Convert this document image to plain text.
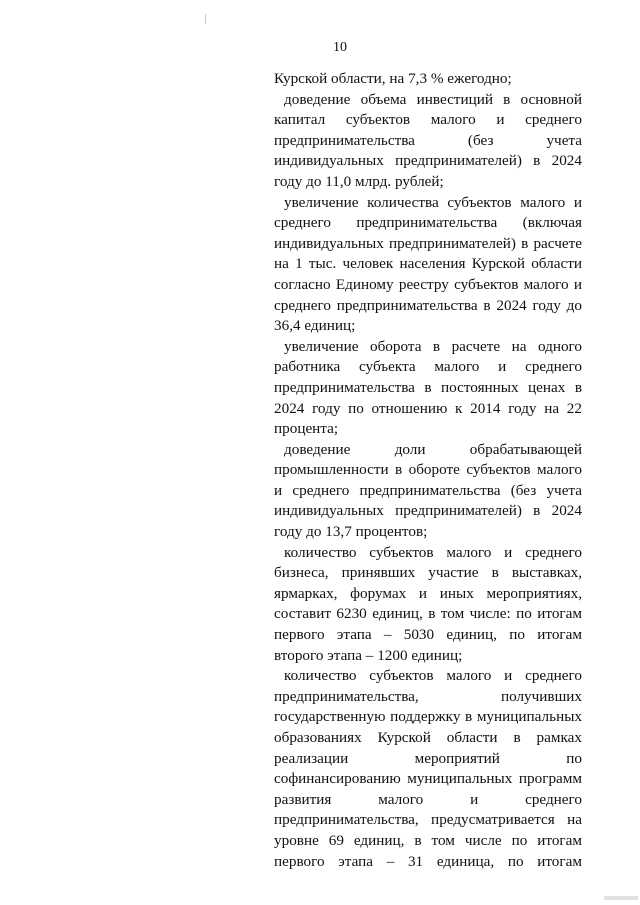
10

Курской области, на 7,3 % ежегодно;

доведение объема инвестиций в основной капитал субъектов малого и среднего предпринимательства (без учета индивидуальных предпринимателей) в 2024 году до 11,0 млрд. рублей;

увеличение количества субъектов малого и среднего предпринимательства (включая индивидуальных предпринимателей) в расчете на 1 тыс. человек населения Курской области согласно Единому реестру субъектов малого и среднего предпринимательства в 2024 году до 36,4 единиц;

увеличение оборота в расчете на одного работника субъекта малого и среднего предпринимательства в постоянных ценах в 2024 году по отношению к 2014 году на 22 процента;

доведение доли обрабатывающей промышленности в обороте субъектов малого и среднего предпринимательства (без учета индивидуальных предпринимателей) в 2024 году до 13,7 процентов;

количество субъектов малого и среднего бизнеса, принявших участие в выставках, ярмарках, форумах и иных мероприятиях, составит 6230 единиц, в том числе: по итогам первого этапа – 5030 единиц, по итогам второго этапа – 1200 единиц;

количество субъектов малого и среднего предпринимательства, получивших государственную поддержку в муниципальных образованиях Курской области в рамках реализации мероприятий по софинансированию муниципальных программ развития малого и среднего предпринимательства, предусматривается на уровне 69 единиц, в том числе по итогам первого этапа – 31 единица, по итогам
